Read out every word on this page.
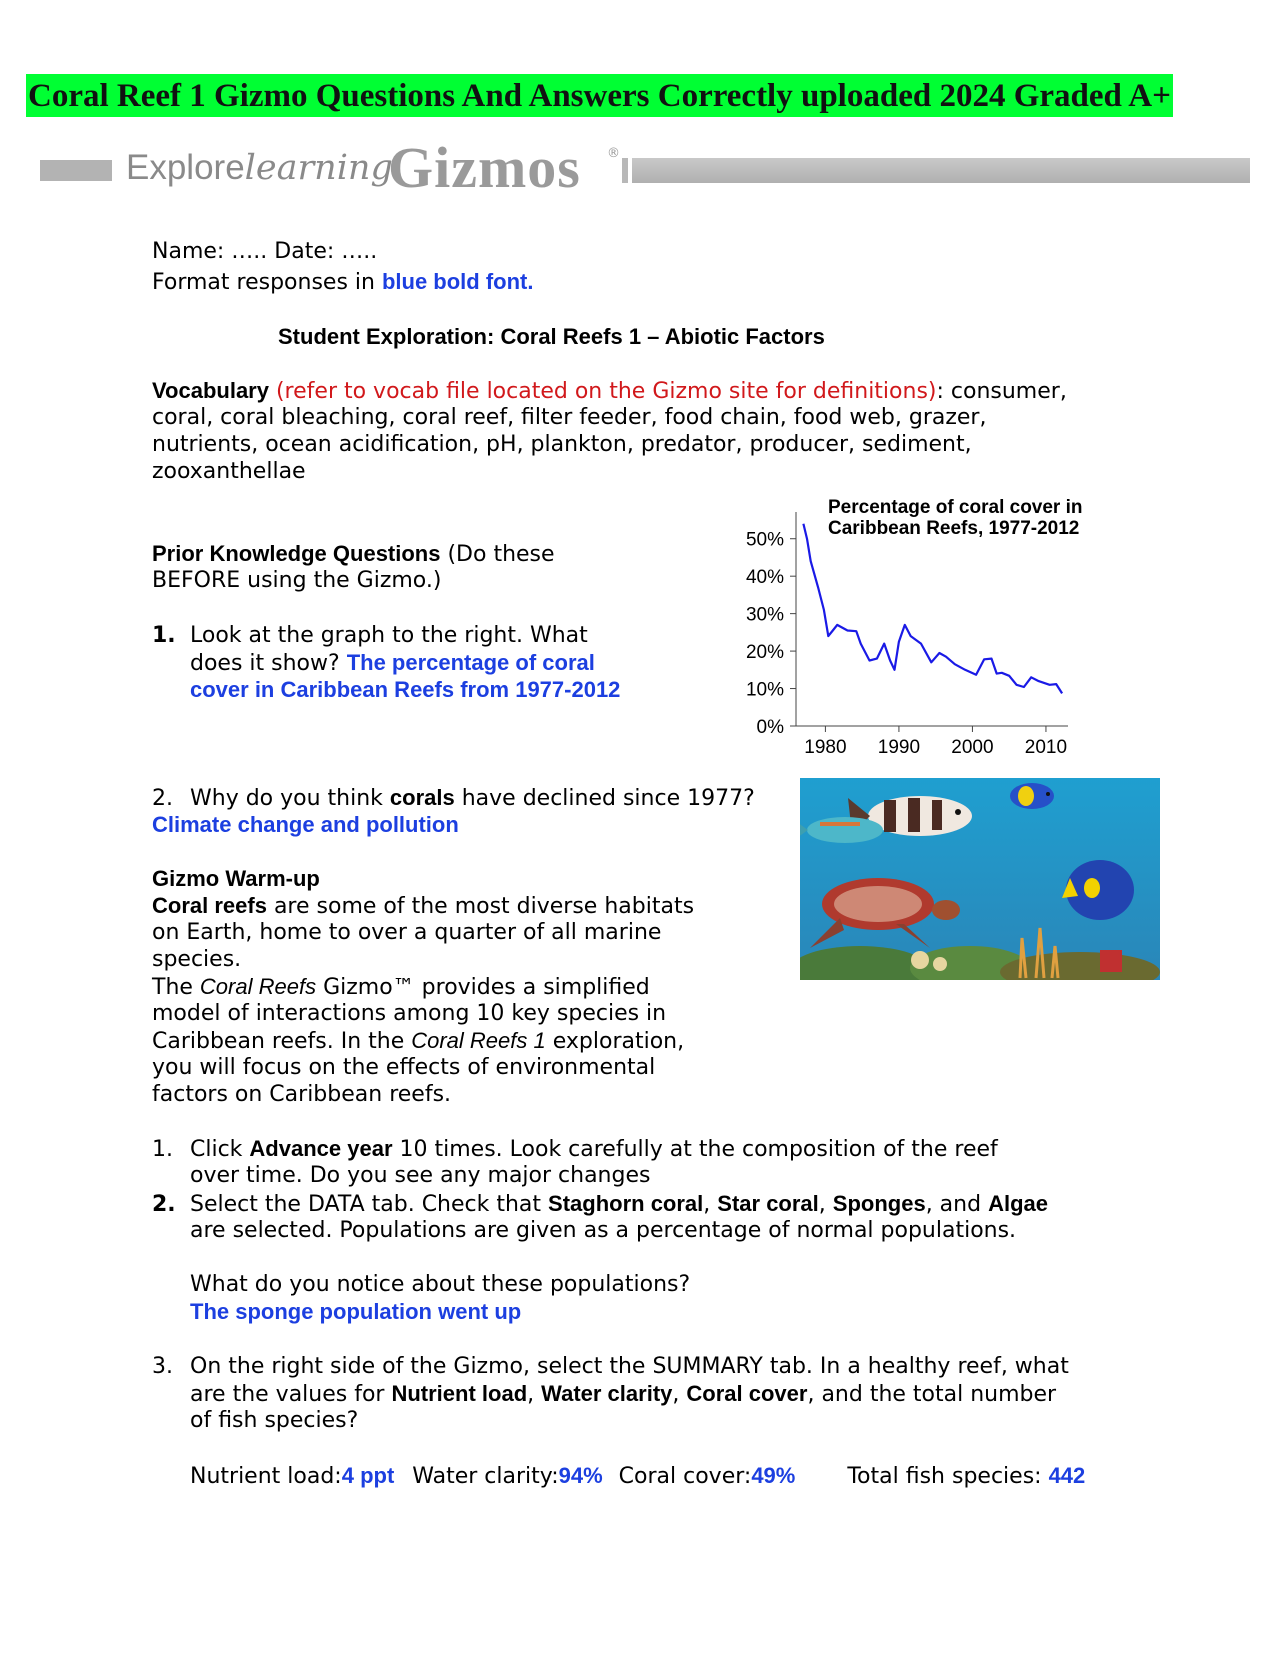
Coral Reef 1 Gizmo Questions And Answers Correctly uploaded 2024 Graded A+
Explorelearning
Gizmos ®
Name: ….. Date: …..
Format responses in blue bold font.
Student Exploration: Coral Reefs 1 – Abiotic Factors
Vocabulary (refer to vocab file located on the Gizmo site for definitions): consumer,
coral, coral bleaching, coral reef, filter feeder, food chain, food web, grazer,
nutrients, ocean acidification, pH, plankton, predator, producer, sediment,
zooxanthellae
Prior Knowledge Questions (Do these
BEFORE using the Gizmo.)
1. Look at the graph to the right. What
does it show? The percentage of coral
cover in Caribbean Reefs from 1977-2012
Percentage of coral cover in
Caribbean Reefs, 1977-2012
0%
10%
20%
30%
40%
50%
1980 1990 2000 2010
2. Why do you think corals have declined since 1977?
Climate change and pollution
Gizmo Warm-up
Coral reefs are some of the most diverse habitats
on Earth, home to over a quarter of all marine
species.
The Coral Reefs Gizmo™ provides a simplified
model of interactions among 10 key species in
Caribbean reefs. In the Coral Reefs 1 exploration,
you will focus on the effects of environmental
factors on Caribbean reefs.
1. Click Advance year 10 times. Look carefully at the composition of the reef
over time. Do you see any major changes
2. Select the DATA tab. Check that Staghorn coral, Star coral, Sponges, and Algae
are selected. Populations are given as a percentage of normal populations.
What do you notice about these populations?
The sponge population went up
3. On the right side of the Gizmo, select the SUMMARY tab. In a healthy reef, what
are the values for Nutrient load, Water clarity, Coral cover, and the total number
of fish species?
Nutrient load:4 ppt Water clarity:94% Coral cover:49% Total fish species: 442
